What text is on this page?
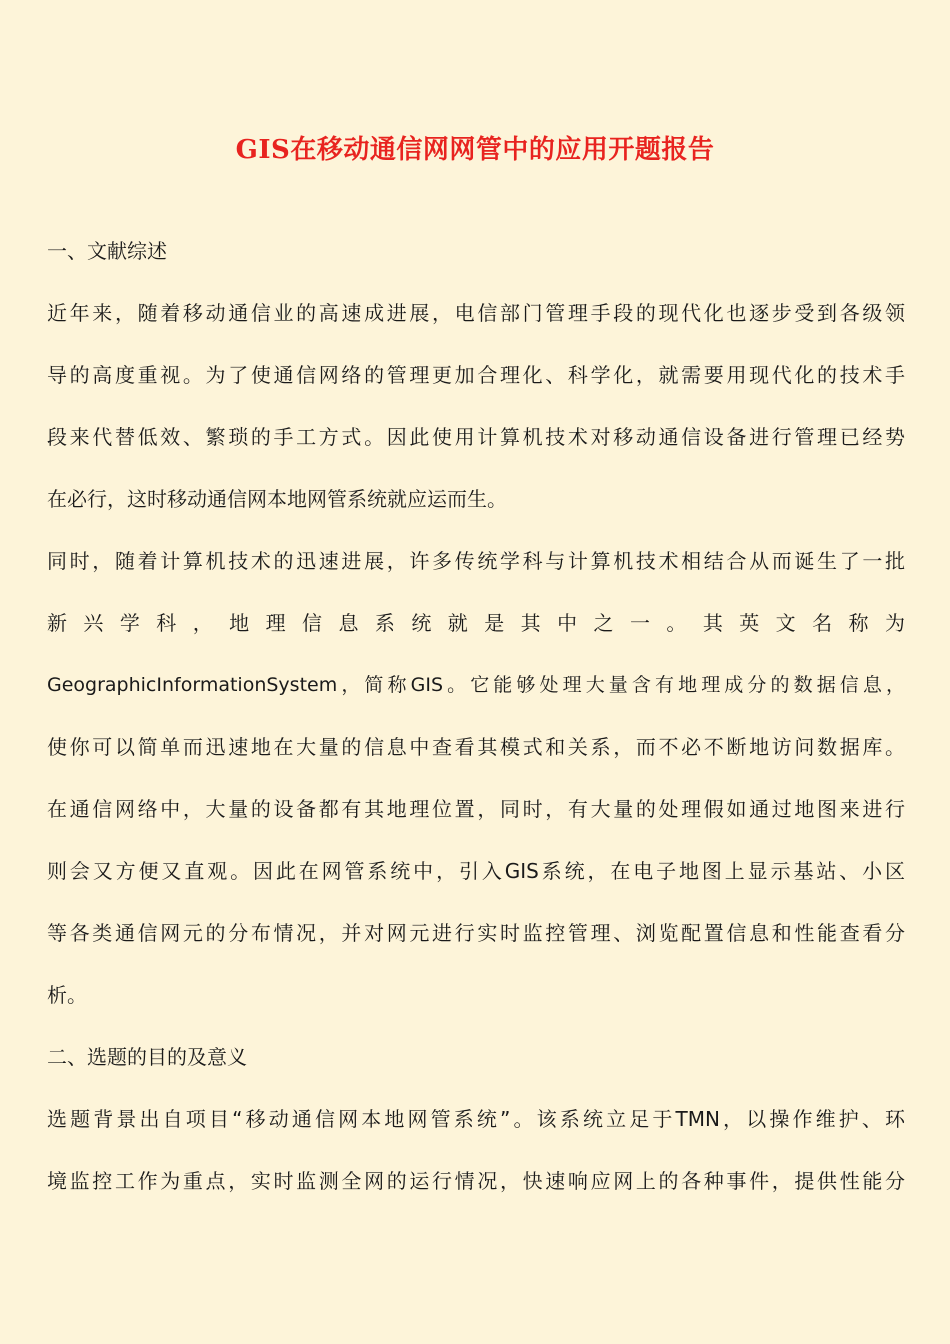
GIS在移动通信网网管中的应用开题报告
一、文献综述
近年来，随着移动通信业的高速成进展，电信部门管理手段的现代化也逐步受到各级领
导的高度重视。为了使通信网络的管理更加合理化、科学化，就需要用现代化的技术手
段来代替低效、繁琐的手工方式。因此使用计算机技术对移动通信设备进行管理已经势
在必行，这时移动通信网本地网管系统就应运而生。
同时，随着计算机技术的迅速进展，许多传统学科与计算机技术相结合从而诞生了一批
新 兴 学 科 ， 地 理 信 息 系 统 就 是 其 中 之 一 。 其 英 文 名 称 为
GeographicInformationSystem，简称GIS。它能够处理大量含有地理成分的数据信息，
使你可以简单而迅速地在大量的信息中查看其模式和关系，而不必不断地访问数据库。
在通信网络中，大量的设备都有其地理位置，同时，有大量的处理假如通过地图来进行
则会又方便又直观。因此在网管系统中，引入GIS系统，在电子地图上显示基站、小区
等各类通信网元的分布情况，并对网元进行实时监控管理、浏览配置信息和性能查看分
析。
二、选题的目的及意义
选题背景出自项目“移动通信网本地网管系统”。该系统立足于TMN，以操作维护、环
境监控工作为重点，实时监测全网的运行情况，快速响应网上的各种事件，提供性能分
